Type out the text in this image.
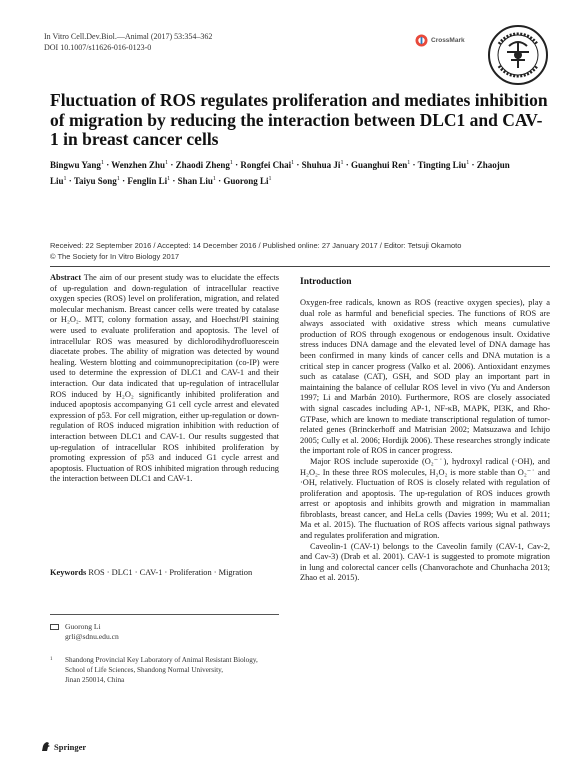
In Vitro Cell.Dev.Biol.—Animal (2017) 53:354–362
DOI 10.1007/s11626-016-0123-0
CrossMark
Fluctuation of ROS regulates proliferation and mediates inhibition of migration by reducing the interaction between DLC1 and CAV-1 in breast cancer cells
Bingwu Yang$^1$ · Wenzhen Zhu$^1$ · Zhaodi Zheng$^1$ · Rongfei Chai$^1$ · Shuhua $Ji^1$ · Guanghui Ren$^1$ · Tingting Liu$^1$ · Zhaojun Liu$^1$ · Taiyu Song$^1$ · Fenglin $Li^1$ · Shan Liu$^1$ · Guorong Li$^1$
Received: 22 September 2016 / Accepted: 14 December 2016 / Published online: 27 January 2017 / Editor: Tetsuji Okamoto
© The Society for In Vitro Biology 2017
Abstract The aim of our present study was to elucidate the effects of up-regulation and down-regulation of intracellular reactive oxygen species (ROS) level on proliferation, migration, and related molecular mechanism. Breast cancer cells were treated by catalase or H₂O₂. MTT, colony formation assay, and Hoechst/PI staining were used to evaluate proliferation and apoptosis. The level of intracellular ROS was measured by dichlorodihydrofluorescein diacetate probes. The ability of migration was detected by wound healing. Western blotting and coimmunoprecipitation (co-IP) were used to determine the expression of DLC1 and CAV-1 and their interaction. Our data indicated that up-regulation of intracellular ROS induced by H₂O₂ significantly inhibited proliferation and induced apoptosis accompanying G1 cell cycle arrest and elevated expression of p53. For cell migration, either up-regulation or down-regulation of ROS induced migration inhibition with reduction of interaction between DLC1 and CAV-1. Our results suggested that up-regulation of intracellular ROS inhibited proliferation by promoting expression of p53 and induced G1 cycle arrest and apoptosis. Fluctuation of ROS inhibited migration through reducing the interaction between DLC1 and CAV-1.
Keywords ROS · DLC1 · CAV-1 · Proliferation · Migration
Guorong Li
grli@sdnu.edu.cn
1 Shandong Provincial Key Laboratory of Animal Resistant Biology,
School of Life Sciences, Shandong Normal University,
Jinan 250014, China
Introduction

Oxygen-free radicals, known as ROS (reactive oxygen species), play a dual role as harmful and beneficial species. The functions of ROS are always associated with oxidative stress which means cumulative production of ROS through exogenous or endogenous insult. Oxidative stress induces DNA damage and the elevated level of DNA damage has been confirmed in many kinds of cancer cells and DNA mutation is a critical step in cancer progress (Valko et al. 2006). Antioxidant enzymes such as catalase (CAT), GSH, and SOD play an important part in maintaining the balance of cellular ROS level in vivo (Yu and Anderson 1997; Li and Marbán 2010). Furthermore, ROS are closely associated with signal cascades including AP-1, NF-κB, MAPK, PI3K, and Rho-GTPase, which are known to mediate transcriptional regulation of tumor-related genes (Brinckerhoff and Matrisian 2002; Matsuzawa and Ichijo 2005; Cully et al. 2006; Hordijk 2006). These researches strongly indicate the important role of ROS in cancer progress.

Major ROS include superoxide (O₂⁻˙), hydroxyl radical (·OH), and H₂O₂. In these three ROS molecules, H₂O₂ is more stable than O₂⁻˙ and ·OH, relatively. Fluctuation of ROS is closely related with regulation of proliferation and apoptosis. The up-regulation of ROS induces growth arrest or apoptosis and inhibits growth and migration in mammalian fibroblasts, breast cancer, and HeLa cells (Davies 1999; Wu et al. 2011; Ma et al. 2015). The fluctuation of ROS affects various signal pathways and regulates proliferation and migration.

Caveolin-1 (CAV-1) belongs to the Caveolin family (CAV-1, Cav-2, and Cav-3) (Drab et al. 2001). CAV-1 is suggested to promote migration in lung and colorectal cancer cells (Chanvorachote and Chunhacha 2013; Zhao et al. 2015).

Springer
